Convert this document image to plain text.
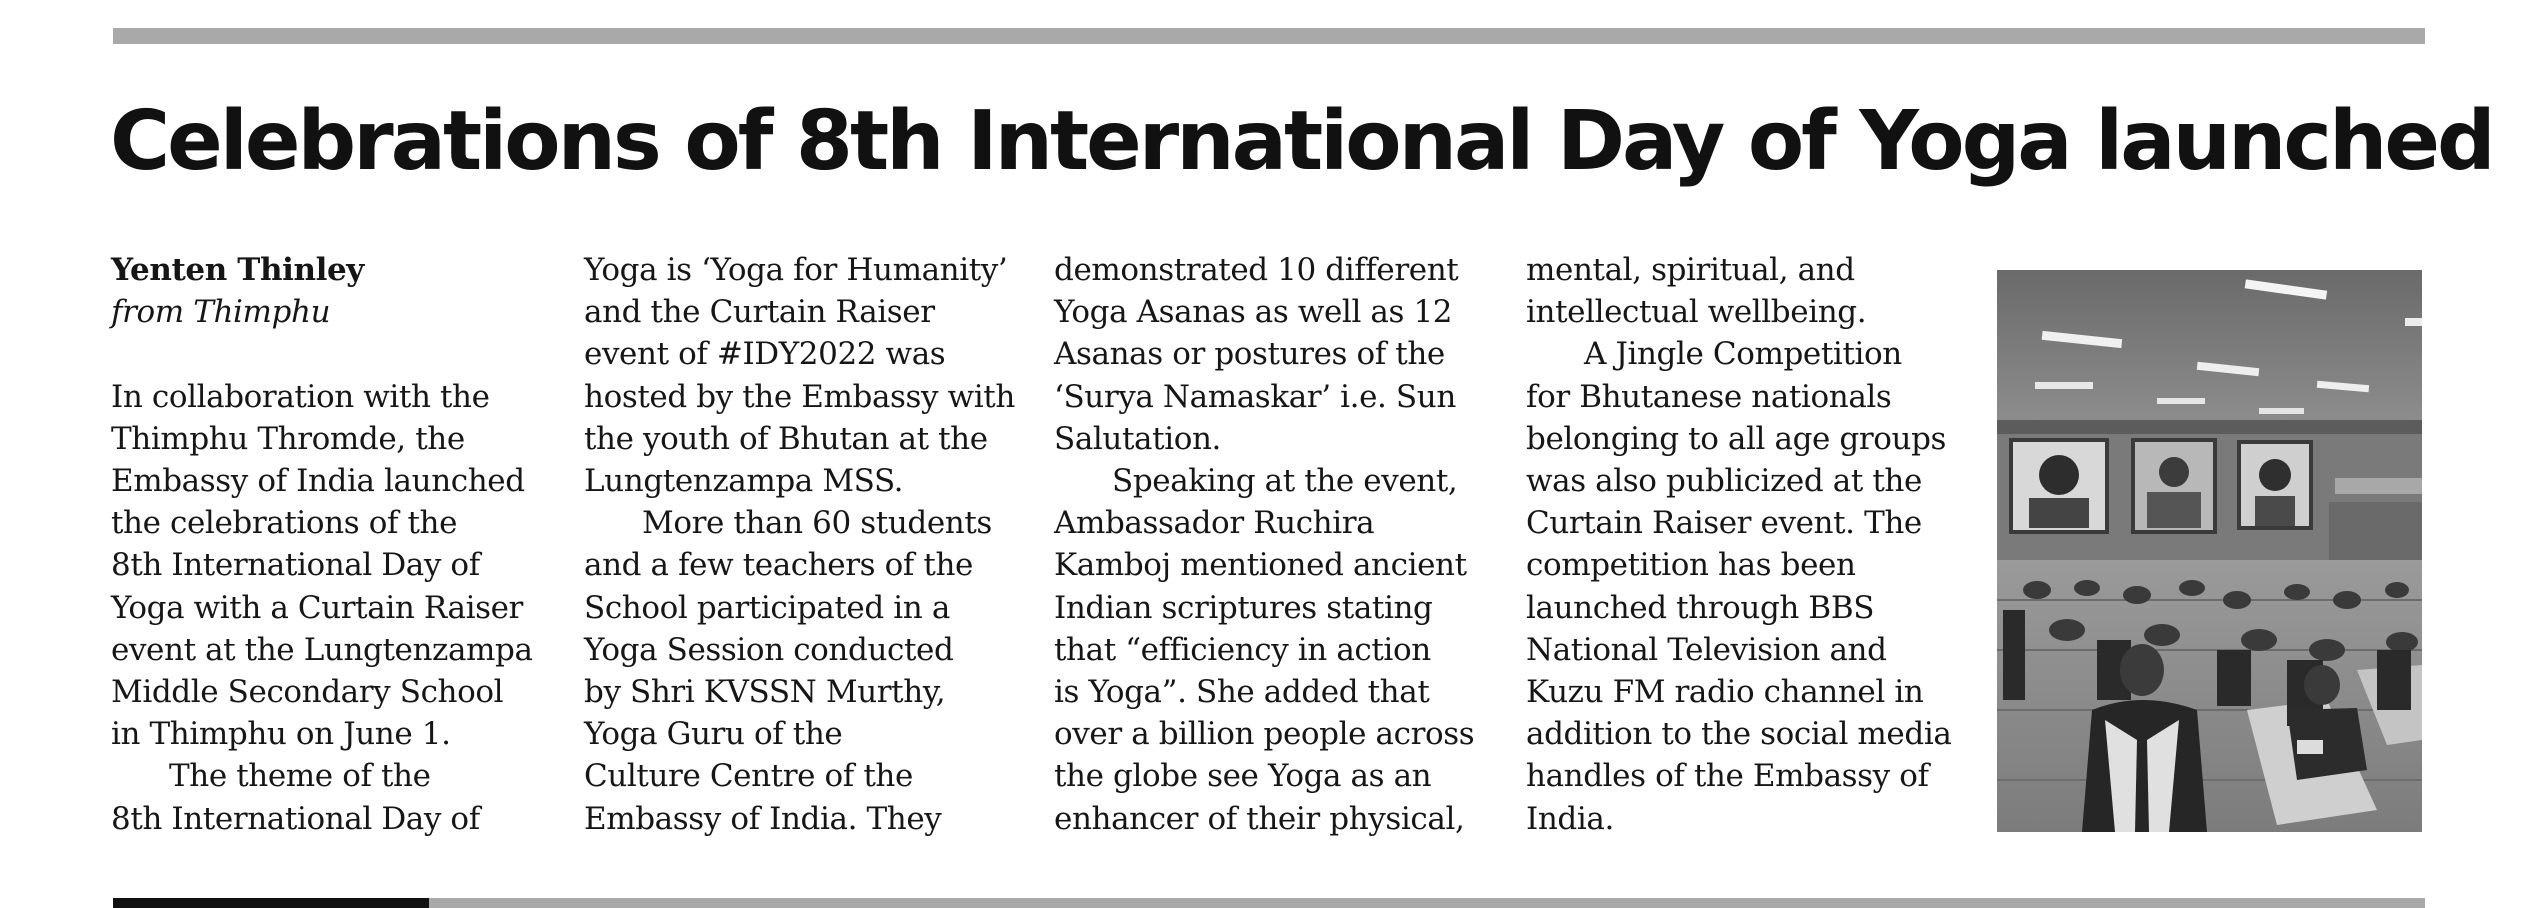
Celebrations of 8th International Day of Yoga launched
Yenten Thinley
from Thimphu
In collaboration with the
Thimphu Thromde, the
Embassy of India launched
the celebrations of the
8th International Day of
Yoga with a Curtain Raiser
event at the Lungtenzampa
Middle Secondary School
in Thimphu on June 1.
The theme of the
8th International Day of
Yoga is ‘Yoga for Humanity’
and the Curtain Raiser
event of #IDY2022 was
hosted by the Embassy with
the youth of Bhutan at the
Lungtenzampa MSS.
More than 60 students
and a few teachers of the
School participated in a
Yoga Session conducted
by Shri KVSSN Murthy,
Yoga Guru of the
Culture Centre of the
Embassy of India. They
demonstrated 10 different
Yoga Asanas as well as 12
Asanas or postures of the
‘Surya Namaskar’ i.e. Sun
Salutation.
Speaking at the event,
Ambassador Ruchira
Kamboj mentioned ancient
Indian scriptures stating
that “efficiency in action
is Yoga”. She added that
over a billion people across
the globe see Yoga as an
enhancer of their physical,
mental, spiritual, and
intellectual wellbeing.
A Jingle Competition
for Bhutanese nationals
belonging to all age groups
was also publicized at the
Curtain Raiser event. The
competition has been
launched through BBS
National Television and
Kuzu FM radio channel in
addition to the social media
handles of the Embassy of
India.
